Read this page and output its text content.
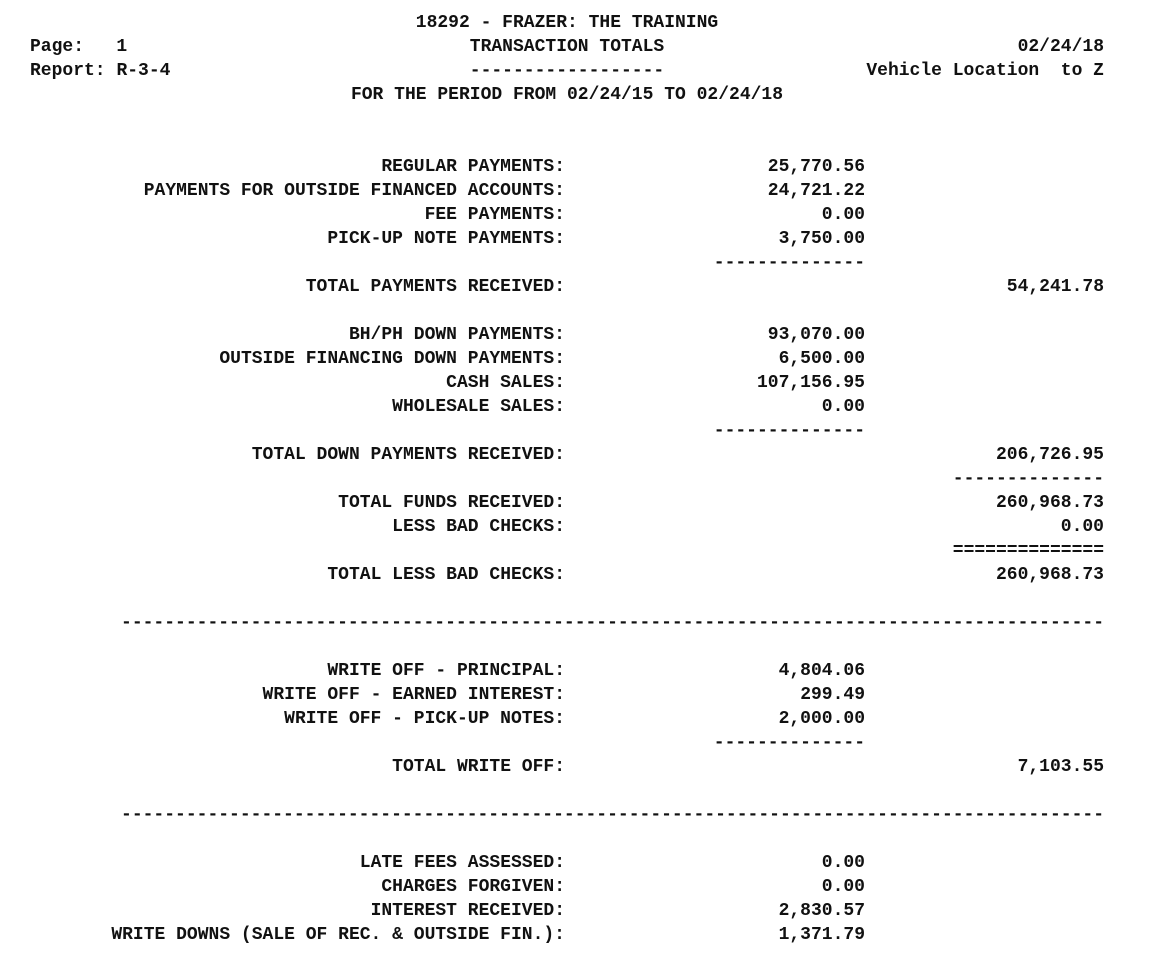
18292 - FRAZER: THE TRAINING
Page: 1	TRANSACTION TOTALS	02/24/18
Report: R-3-4	------------------	Vehicle Location to Z
FOR THE PERIOD FROM 02/24/15 TO 02/24/18
REGULAR PAYMENTS:	25,770.56
PAYMENTS FOR OUTSIDE FINANCED ACCOUNTS:	24,721.22
FEE PAYMENTS:	0.00
PICK-UP NOTE PAYMENTS:	3,750.00
--------------
TOTAL PAYMENTS RECEIVED:	54,241.78
BH/PH DOWN PAYMENTS:	93,070.00
OUTSIDE FINANCING DOWN PAYMENTS:	6,500.00
CASH SALES:	107,156.95
WHOLESALE SALES:	0.00
--------------
TOTAL DOWN PAYMENTS RECEIVED:	206,726.95
--------------
TOTAL FUNDS RECEIVED:	260,968.73
LESS BAD CHECKS:	0.00
==============
TOTAL LESS BAD CHECKS:	260,968.73
-------------------------------------------------------------------------------------------
WRITE OFF - PRINCIPAL:	4,804.06
WRITE OFF - EARNED INTEREST:	299.49
WRITE OFF - PICK-UP NOTES:	2,000.00
--------------
TOTAL WRITE OFF:	7,103.55
-------------------------------------------------------------------------------------------
LATE FEES ASSESSED:	0.00
CHARGES FORGIVEN:	0.00
INTEREST RECEIVED:	2,830.57
WRITE DOWNS (SALE OF REC. & OUTSIDE FIN.):	1,371.79
